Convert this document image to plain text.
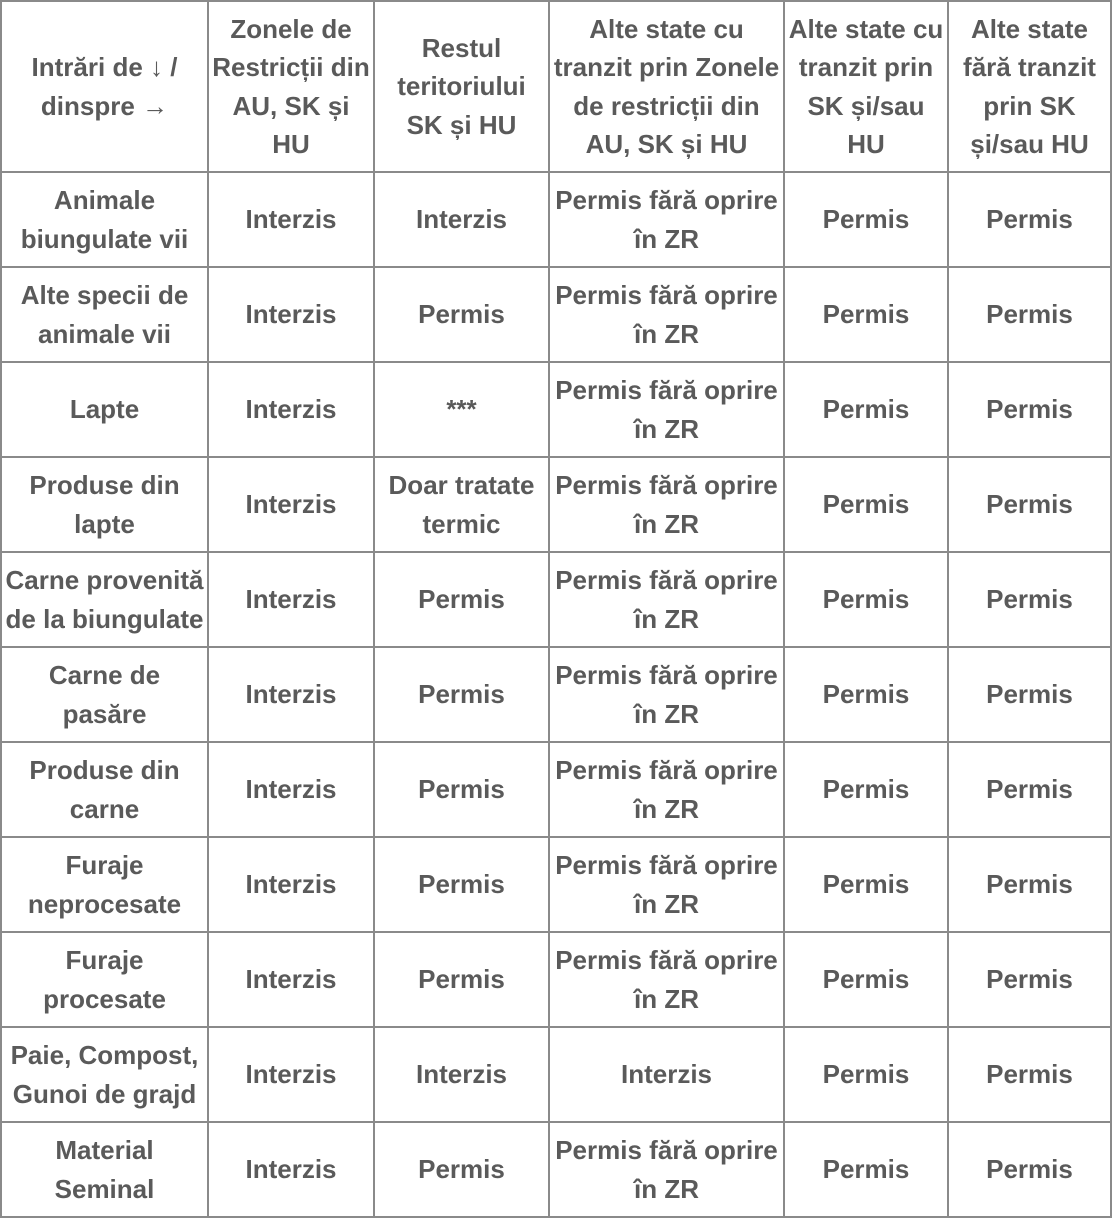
Intrări de ↓ / dinspre →	Zonele de Restricții din AU, SK și HU	Restul teritoriului SK și HU	Alte state cu tranzit prin Zonele de restricții din AU, SK și HU	Alte state cu tranzit prin SK și/sau HU	Alte state fără tranzit prin SK și/sau HU

Animale biungulate vii	Interzis	Interzis	Permis fără oprire în ZR	Permis	Permis

Alte specii de animale vii	Interzis	Permis	Permis fără oprire în ZR	Permis	Permis

Lapte	Interzis	***	Permis fără oprire în ZR	Permis	Permis

Produse din lapte	Interzis	Doar tratate termic	Permis fără oprire în ZR	Permis	Permis

Carne provenită de la biungulate	Interzis	Permis	Permis fără oprire în ZR	Permis	Permis

Carne de pasăre	Interzis	Permis	Permis fără oprire în ZR	Permis	Permis

Produse din carne	Interzis	Permis	Permis fără oprire în ZR	Permis	Permis

Furaje neprocesate	Interzis	Permis	Permis fără oprire în ZR	Permis	Permis

Furaje procesate	Interzis	Permis	Permis fără oprire în ZR	Permis	Permis

Paie, Compost, Gunoi de grajd	Interzis	Interzis	Interzis	Permis	Permis

Material Seminal	Interzis	Permis	Permis fără oprire în ZR	Permis	Permis
